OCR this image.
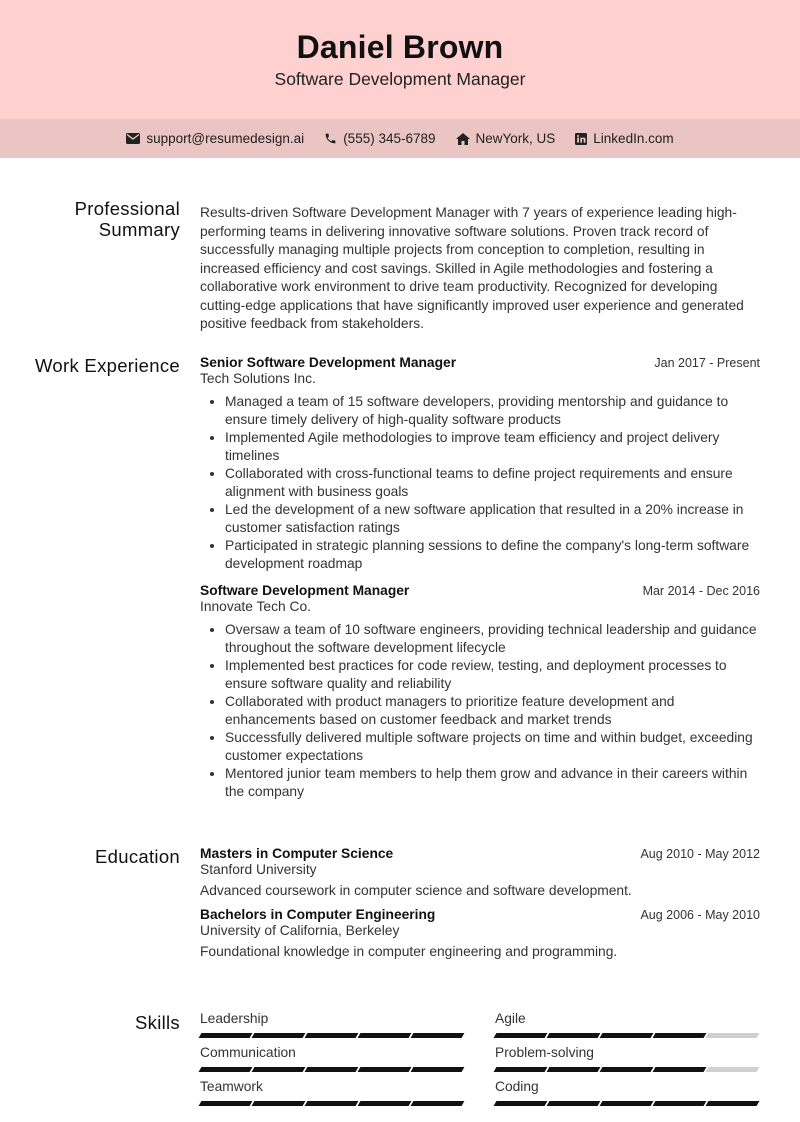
Daniel Brown
Software Development Manager
support@resumedesign.ai	(555) 345-6789	NewYork, US	LinkedIn.com
Professional Summary

Results-driven Software Development Manager with 7 years of experience leading high-performing teams in delivering innovative software solutions. Proven track record of successfully managing multiple projects from conception to completion, resulting in increased efficiency and cost savings. Skilled in Agile methodologies and fostering a collaborative work environment to drive team productivity. Recognized for developing cutting-edge applications that have significantly improved user experience and generated positive feedback from stakeholders.

Work Experience Senior Software Development Manager	Jan 2017 - Present
Tech Solutions Inc.
• Managed a team of 15 software developers, providing mentorship and guidance to ensure timely delivery of high-quality software products
• Implemented Agile methodologies to improve team efficiency and project delivery timelines
• Collaborated with cross-functional teams to define project requirements and ensure alignment with business goals
• Led the development of a new software application that resulted in a 20% increase in customer satisfaction ratings
• Participated in strategic planning sessions to define the company's long-term software development roadmap
Software Development Manager	Mar 2014 - Dec 2016
Innovate Tech Co.
• Oversaw a team of 10 software engineers, providing technical leadership and guidance throughout the software development lifecycle
• Implemented best practices for code review, testing, and deployment processes to ensure software quality and reliability
• Collaborated with product managers to prioritize feature development and enhancements based on customer feedback and market trends
• Successfully delivered multiple software projects on time and within budget, exceeding customer expectations
• Mentored junior team members to help them grow and advance in their careers within the company
Education Masters in Computer Science	Aug 2010 - May 2012
Stanford University
Advanced coursework in computer science and software development.
Bachelors in Computer Engineering	Aug 2006 - May 2010
University of California, Berkeley
Foundational knowledge in computer engineering and programming.
Skills Leadership	Agile
Communication	Problem-solving
Teamwork	Coding
